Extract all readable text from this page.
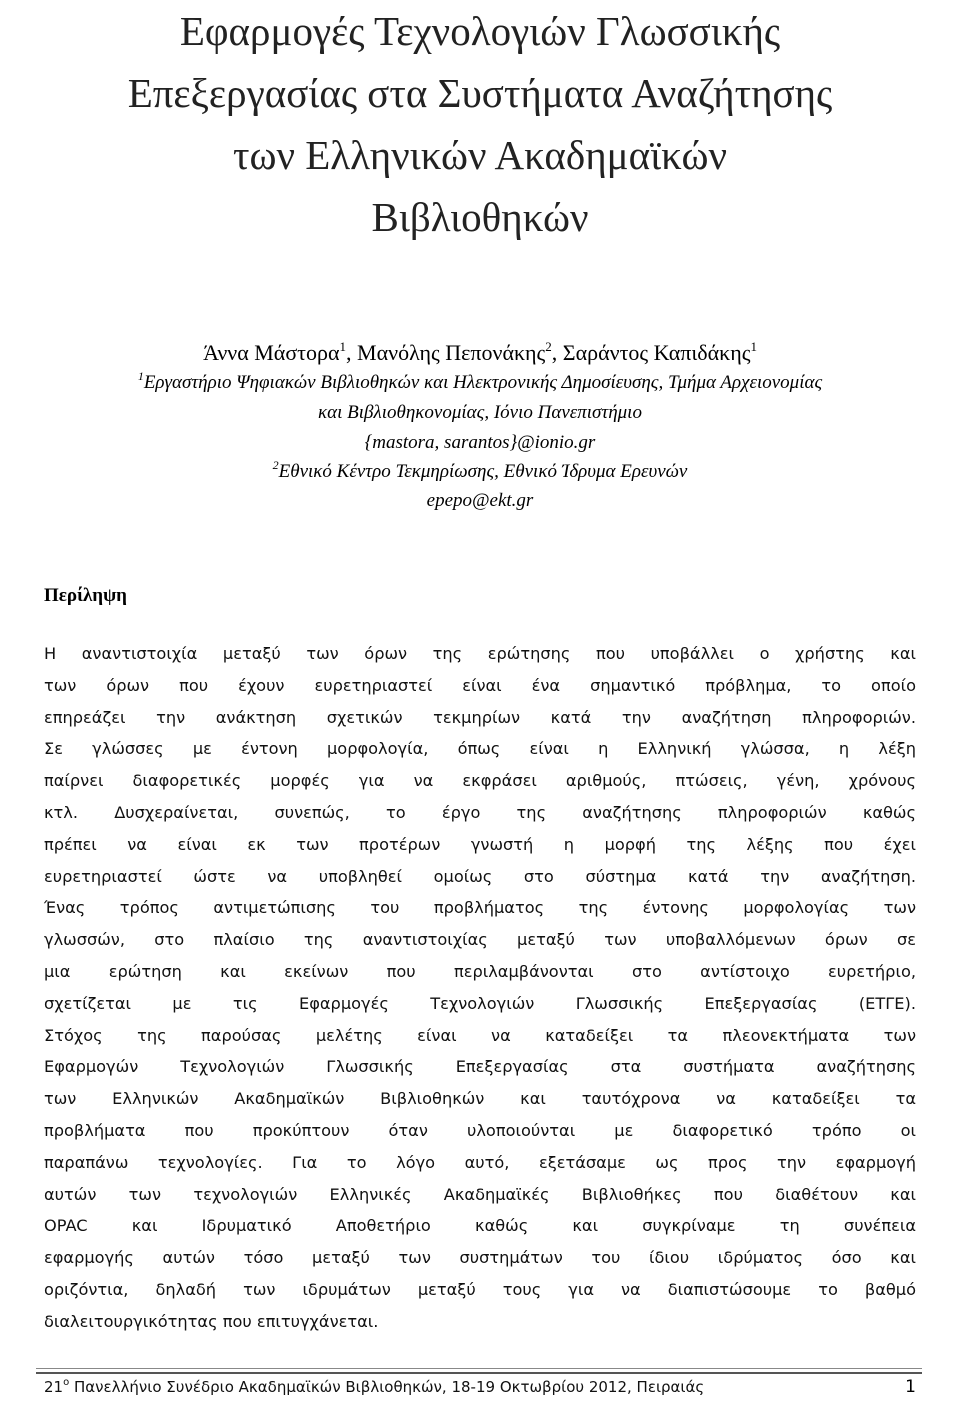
Εφαρμογές Τεχνολογιών Γλωσσικής
Επεξεργασίας στα Συστήματα Αναζήτησης
των Ελληνικών Ακαδημαϊκών
Βιβλιοθηκών
Άννα Μάστορα$^1$, Μανόλης Πεπονάκης$^2$, Σαράντος Καπιδάκης$^1$
$^1$Εργαστήριο Ψηφιακών Βιβλιοθηκών και Ηλεκτρονικής Δημοσίευσης, Τμήμα Αρχειονομίας
και Βιβλιοθηκονομίας, Ιόνιο Πανεπιστήμιο
{mastora, sarantos}@ionio.gr
$^2$Εθνικό Κέντρο Τεκμηρίωσης, Εθνικό Ίδρυμα Ερευνών
epepo@ekt.gr
Περίληψη
Η αναντιστοιχία μεταξύ των όρων της ερώτησης που υποβάλλει ο χρήστης και
των όρων που έχουν ευρετηριαστεί είναι ένα σημαντικό πρόβλημα, το οποίο
επηρεάζει την ανάκτηση σχετικών τεκμηρίων κατά την αναζήτηση πληροφοριών.
Σε γλώσσες με έντονη μορφολογία, όπως είναι η Ελληνική γλώσσα, η λέξη
παίρνει διαφορετικές μορφές για να εκφράσει αριθμούς, πτώσεις, γένη, χρόνους
κτλ. Δυσχεραίνεται, συνεπώς, το έργο της αναζήτησης πληροφοριών καθώς
πρέπει να είναι εκ των προτέρων γνωστή η μορφή της λέξης που έχει
ευρετηριαστεί ώστε να υποβληθεί ομοίως στο σύστημα κατά την αναζήτηση.
Ένας τρόπος αντιμετώπισης του προβλήματος της έντονης μορφολογίας των
γλωσσών, στο πλαίσιο της αναντιστοιχίας μεταξύ των υποβαλλόμενων όρων σε
μια ερώτηση και εκείνων που περιλαμβάνονται στο αντίστοιχο ευρετήριο,
σχετίζεται με τις Εφαρμογές Τεχνολογιών Γλωσσικής Επεξεργασίας (ΕΤΓΕ).
Στόχος της παρούσας μελέτης είναι να καταδείξει τα πλεονεκτήματα των
Εφαρμογών Τεχνολογιών Γλωσσικής Επεξεργασίας στα συστήματα αναζήτησης
των Ελληνικών Ακαδημαϊκών Βιβλιοθηκών και ταυτόχρονα να καταδείξει τα
προβλήματα που προκύπτουν όταν υλοποιούνται με διαφορετικό τρόπο οι
παραπάνω τεχνολογίες. Για το λόγο αυτό, εξετάσαμε ως προς την εφαρμογή
αυτών των τεχνολογιών Ελληνικές Ακαδημαϊκές Βιβλιοθήκες που διαθέτουν και
OPAC και Ιδρυματικό Αποθετήριο καθώς και συγκρίναμε τη συνέπεια
εφαρμογής αυτών τόσο μεταξύ των συστημάτων του ίδιου ιδρύματος όσο και
οριζόντια, δηλαδή των ιδρυμάτων μεταξύ τους για να διαπιστώσουμε το βαθμό
διαλειτουργικότητας που επιτυγχάνεται.
$21^o$ Πανελλήνιο Συνέδριο Ακαδημαϊκών Βιβλιοθηκών, 18-19 Οκτωβρίου 2012, Πειραιάς	1
